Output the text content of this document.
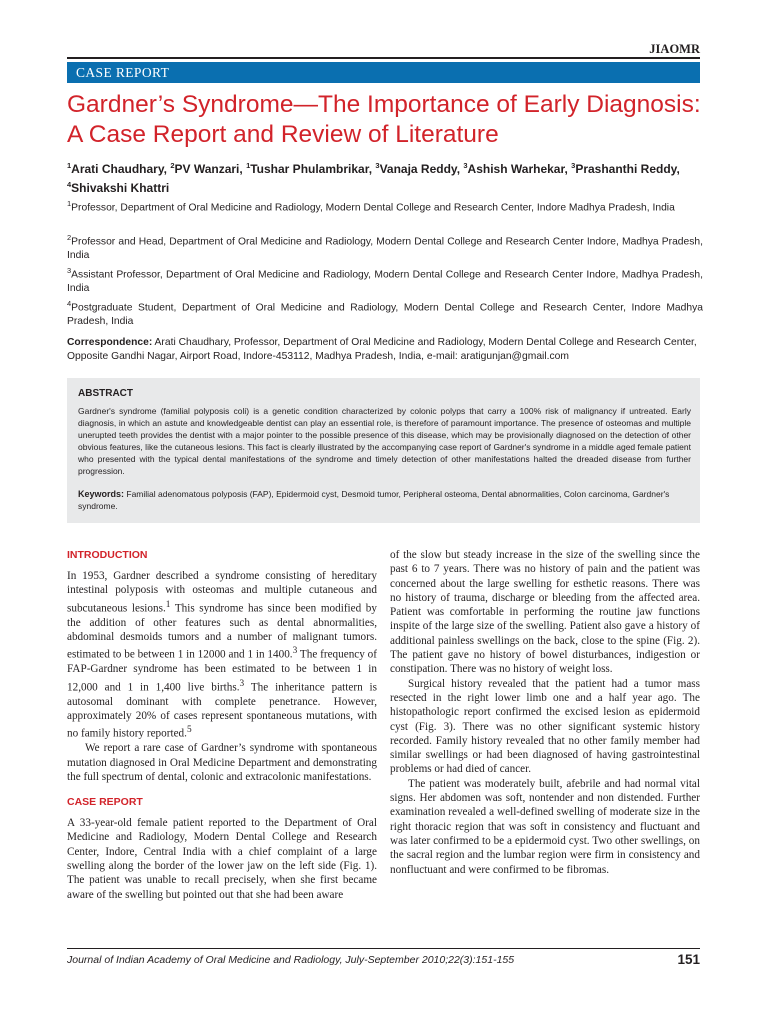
JIAOMR
CASE REPORT
Gardner’s Syndrome—The Importance of Early Diagnosis: A Case Report and Review of Literature
$^1$Arati Chaudhary, $^2$PV Wanzari, $^1$Tushar Phulambrikar, $^3$Vanaja Reddy, $^3$Ashish Warhekar, $^3$Prashanthi Reddy, $^4$Shivakshi Khattri
$^1$Professor, Department of Oral Medicine and Radiology, Modern Dental College and Research Center, Indore Madhya Pradesh, India
$^2$Professor and Head, Department of Oral Medicine and Radiology, Modern Dental College and Research Center Indore, Madhya Pradesh, India
$^3$Assistant Professor, Department of Oral Medicine and Radiology, Modern Dental College and Research Center Indore, Madhya Pradesh, India
$^4$Postgraduate Student, Department of Oral Medicine and Radiology, Modern Dental College and Research Center, Indore Madhya Pradesh, India
Correspondence: Arati Chaudhary, Professor, Department of Oral Medicine and Radiology, Modern Dental College and Research Center, Opposite Gandhi Nagar, Airport Road, Indore-453112, Madhya Pradesh, India, e-mail: aratigunjan@gmail.com
ABSTRACT
Gardner's syndrome (familial polyposis coli) is a genetic condition characterized by colonic polyps that carry a 100% risk of malignancy if untreated. Early diagnosis, in which an astute and knowledgeable dentist can play an essential role, is therefore of paramount importance. The presence of osteomas and multiple unerupted teeth provides the dentist with a major pointer to the possible presence of this disease, which may be provisionally diagnosed on the detection of other obvious features, like the cutaneous lesions. This fact is clearly illustrated by the accompanying case report of Gardner's syndrome in a middle aged female patient who presented with the typical dental manifestations of the syndrome and timely detection of other manifestations halted the dreaded disease from further progression.
Keywords: Familial adenomatous polyposis (FAP), Epidermoid cyst, Desmoid tumor, Peripheral osteoma, Dental abnormalities, Colon carcinoma, Gardner's syndrome.
INTRODUCTION

In 1953, Gardner described a syndrome consisting of hereditary intestinal polyposis with osteomas and multiple cutaneous and subcutaneous lesions.$^1$ This syndrome has since been modified by the addition of other features such as dental abnormalities, abdominal desmoids tumors and a number of malignant tumors. estimated to be between 1 in 12000 and 1 in 1400.$^3$ The frequency of FAP-Gardner syndrome has been estimated to be between 1 in 12,000 and 1 in 1,400 live births.$^3$ The inheritance pattern is autosomal dominant with complete penetrance. However, approximately 20% of cases represent spontaneous mutations, with no family history reported.$^5$

We report a rare case of Gardner’s syndrome with spontaneous mutation diagnosed in Oral Medicine Department and demonstrating the full spectrum of dental, colonic and extracolonic manifestations.

CASE REPORT

A 33-year-old female patient reported to the Department of Oral Medicine and Radiology, Modern Dental College and Research Center, Indore, Central India with a chief complaint of a large swelling along the border of the lower jaw on the left side (Fig. 1). The patient was unable to recall precisely, when she first became aware of the swelling but pointed out that she had been aware

of the slow but steady increase in the size of the swelling since the past 6 to 7 years. There was no history of pain and the patient was concerned about the large swelling for esthetic reasons. There was no history of trauma, discharge or bleeding from the affected area. Patient was comfortable in performing the routine jaw functions inspite of the large size of the swelling. Patient also gave a history of additional painless swellings on the back, close to the spine (Fig. 2). The patient gave no history of bowel disturbances, indigestion or constipation. There was no history of weight loss.

Surgical history revealed that the patient had a tumor mass resected in the right lower limb one and a half year ago. The histopathologic report confirmed the excised lesion as epidermoid cyst (Fig. 3). There was no other significant systemic history recorded. Family history revealed that no other family member had similar swellings or had been diagnosed of having gastrointestinal problems or had died of cancer.

The patient was moderately built, afebrile and had normal vital signs. Her abdomen was soft, nontender and non distended. Further examination revealed a well-defined swelling of moderate size in the right thoracic region that was soft in consistency and fluctuant and was later confirmed to be a epidermoid cyst. Two other swellings, on the sacral region and the lumbar region were firm in consistency and nonfluctuant and were confirmed to be fibromas.

Journal of Indian Academy of Oral Medicine and Radiology, July-September 2010;22(3):151-155	151
